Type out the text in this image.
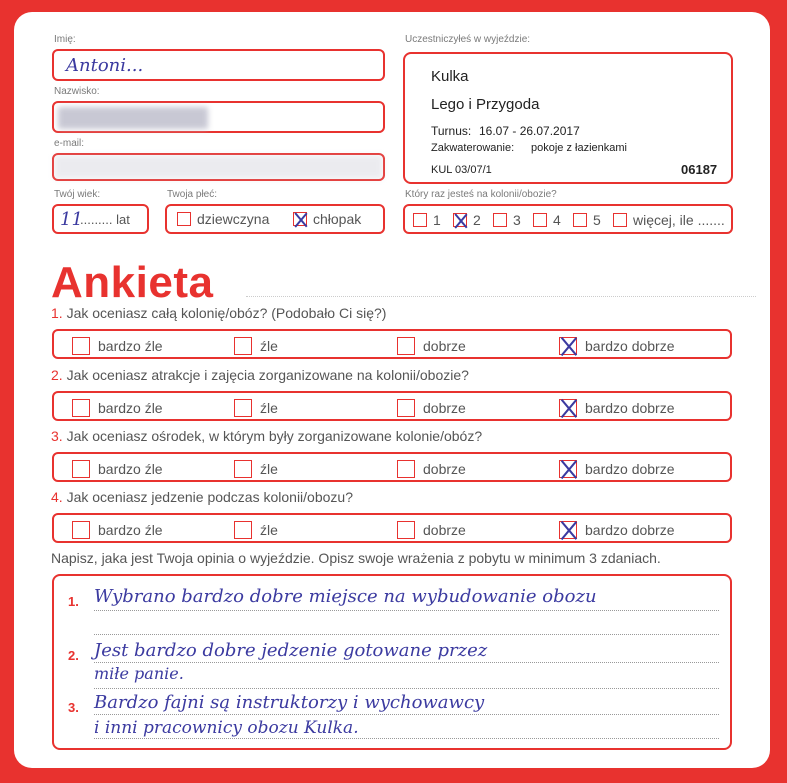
Imię:
Antoni...
Nazwisko:
e-mail:
Twój wiek:
11
......... lat
Twoja płeć:
dziewczyna	chłopak
Uczestniczyłeś w wyjeździe:
Kulka
Lego i Przygoda
Turnus: 16.07 - 26.07.2017
Zakwaterowanie: pokoje z łazienkami
KUL 03/07/1	06187
Który raz jesteś na kolonii/obozie?
1 2 3 4 5 więcej, ile .......
Ankieta
1. Jak oceniasz całą kolonię/obóz? (Podobało Ci się?)
bardzo źle	źle	dobrze	bardzo dobrze
2. Jak oceniasz atrakcje i zajęcia zorganizowane na kolonii/obozie?
bardzo źle	źle	dobrze	bardzo dobrze
3. Jak oceniasz ośrodek, w którym były zorganizowane kolonie/obóz?
bardzo źle	źle	dobrze	bardzo dobrze
4. Jak oceniasz jedzenie podczas kolonii/obozu?
bardzo źle	źle	dobrze	bardzo dobrze
Napisz, jaka jest Twoja opinia o wyjeździe. Opisz swoje wrażenia z pobytu w minimum 3 zdaniach.
1.
2.
3.
Wybrano bardzo dobre miejsce na wybudowanie obozu
Jest bardzo dobre jedzenie gotowane przez
miłe panie.
Bardzo fajni są instruktorzy i wychowawcy
i inni pracownicy obozu Kulka.
